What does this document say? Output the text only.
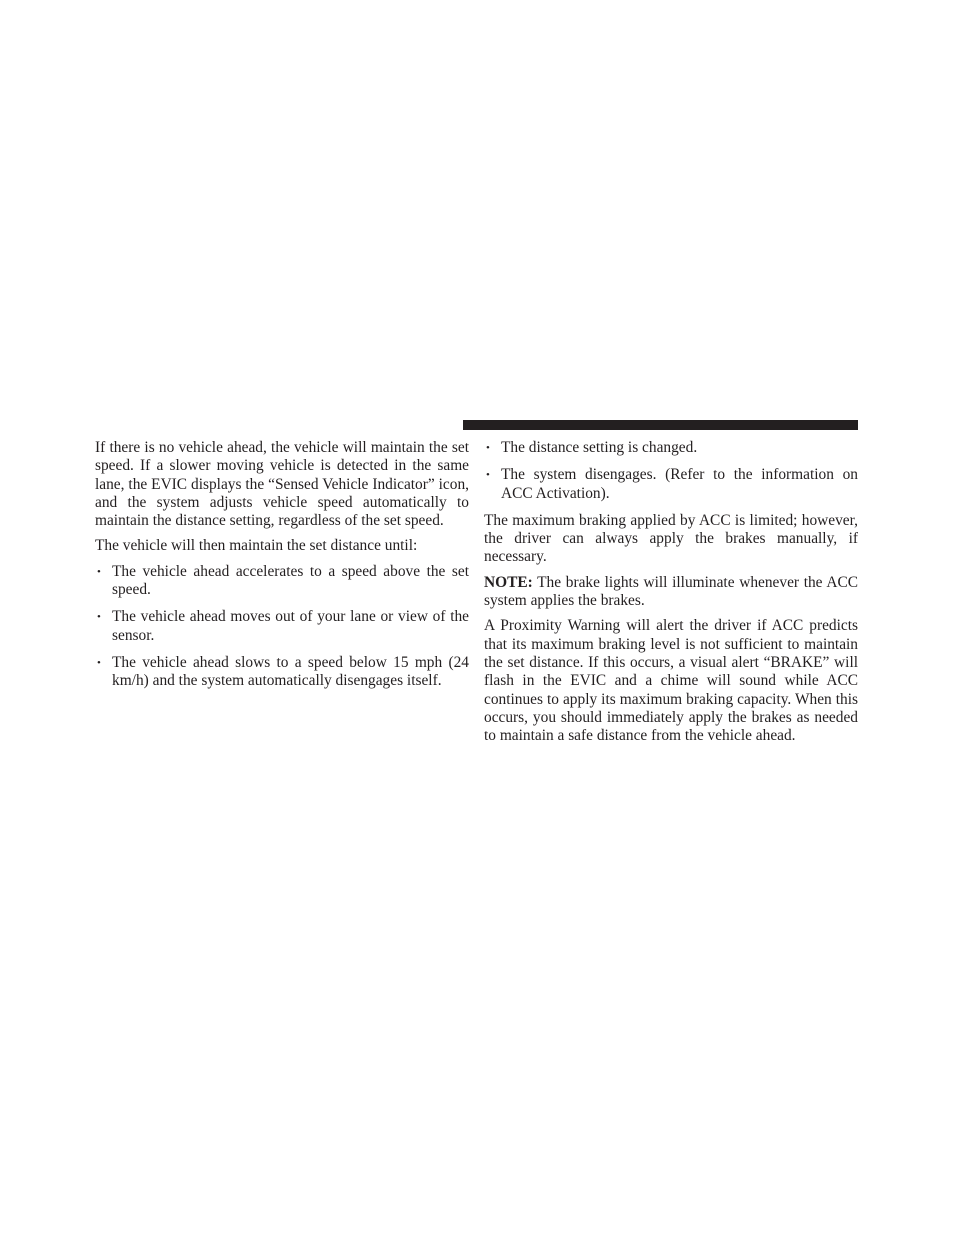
If there is no vehicle ahead, the vehicle will maintain the set speed. If a slower moving vehicle is detected in the same lane, the EVIC displays the “Sensed Vehicle Indicator” icon, and the system adjusts vehicle speed automatically to maintain the distance setting, regardless of the set speed.

The vehicle will then maintain the set distance until:

• The vehicle ahead accelerates to a speed above the set speed.
• The vehicle ahead moves out of your lane or view of the sensor.
• The vehicle ahead slows to a speed below 15 mph (24 km/h) and the system automatically disengages itself.
• The distance setting is changed.
• The system disengages. (Refer to the information on ACC Activation).

The maximum braking applied by ACC is limited; however, the driver can always apply the brakes manually, if necessary.

NOTE: The brake lights will illuminate whenever the ACC system applies the brakes.

A Proximity Warning will alert the driver if ACC predicts that its maximum braking level is not sufficient to maintain the set distance. If this occurs, a visual alert “BRAKE” will flash in the EVIC and a chime will sound while ACC continues to apply its maximum braking capacity. When this occurs, you should immediately apply the brakes as needed to maintain a safe distance from the vehicle ahead.
